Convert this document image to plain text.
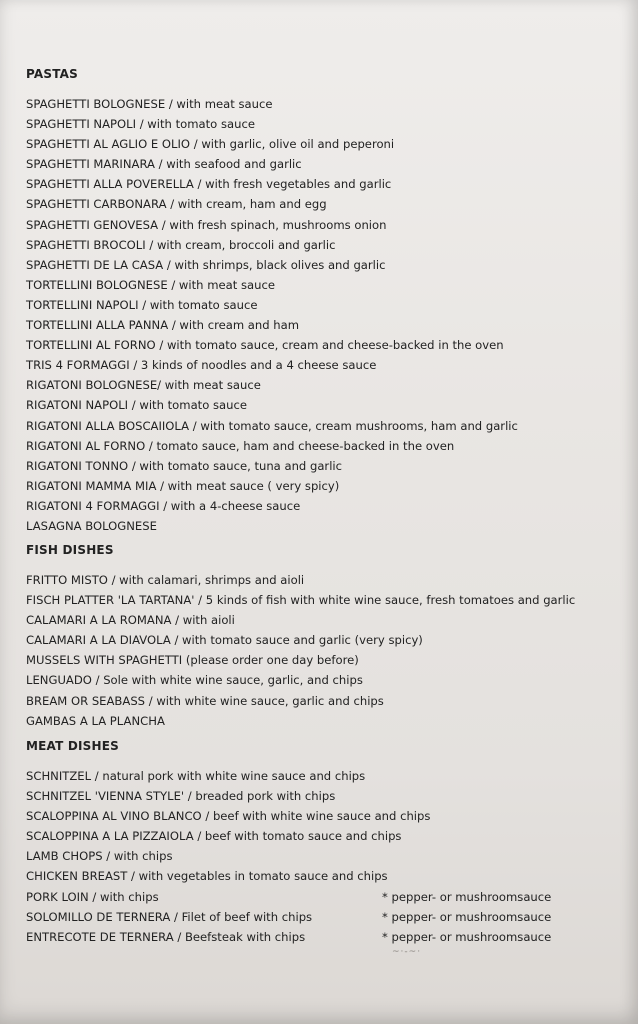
PASTAS
SPAGHETTI BOLOGNESE / with meat sauce
SPAGHETTI NAPOLI / with tomato sauce
SPAGHETTI AL AGLIO E OLIO / with garlic, olive oil and peperoni
SPAGHETTI MARINARA / with seafood and garlic
SPAGHETTI ALLA POVERELLA / with fresh vegetables and garlic
SPAGHETTI CARBONARA / with cream, ham and egg
SPAGHETTI GENOVESA / with fresh spinach, mushrooms onion
SPAGHETTI BROCOLI / with cream, broccoli and garlic
SPAGHETTI DE LA CASA / with shrimps, black olives and garlic
TORTELLINI BOLOGNESE / with meat sauce
TORTELLINI NAPOLI / with tomato sauce
TORTELLINI ALLA PANNA / with cream and ham
TORTELLINI AL FORNO / with tomato sauce, cream and cheese-backed in the oven
TRIS 4 FORMAGGI / 3 kinds of noodles and a 4 cheese sauce
RIGATONI BOLOGNESE/ with meat sauce
RIGATONI NAPOLI / with tomato sauce
RIGATONI ALLA BOSCAIIOLA / with tomato sauce, cream mushrooms, ham and garlic
RIGATONI AL FORNO / tomato sauce, ham and cheese-backed in the oven
RIGATONI TONNO / with tomato sauce, tuna and garlic
RIGATONI MAMMA MIA / with meat sauce ( very spicy)
RIGATONI 4 FORMAGGI / with a 4-cheese sauce
LASAGNA BOLOGNESE
FISH DISHES
FRITTO MISTO / with calamari, shrimps and aioli
FISCH PLATTER 'LA TARTANA' / 5 kinds of fish with white wine sauce, fresh tomatoes and garlic
CALAMARI A LA ROMANA / with aioli
CALAMARI A LA DIAVOLA / with tomato sauce and garlic (very spicy)
MUSSELS WITH SPAGHETTI (please order one day before)
LENGUADO / Sole with white wine sauce, garlic, and chips
BREAM OR SEABASS / with white wine sauce, garlic and chips
GAMBAS A LA PLANCHA
MEAT DISHES
SCHNITZEL / natural pork with white wine sauce and chips
SCHNITZEL 'VIENNA STYLE' / breaded pork with chips
SCALOPPINA AL VINO BLANCO / beef with white wine sauce and chips
SCALOPPINA A LA PIZZAIOLA / beef with tomato sauce and chips
LAMB CHOPS / with chips
CHICKEN BREAST / with vegetables in tomato sauce and chips
PORK LOIN / with chips	* pepper- or mushroomsauce
SOLOMILLO DE TERNERA / Filet of beef with chips	* pepper- or mushroomsauce
ENTRECOTE DE TERNERA / Beefsteak with chips	* pepper- or mushroomsauce
~·-~·
